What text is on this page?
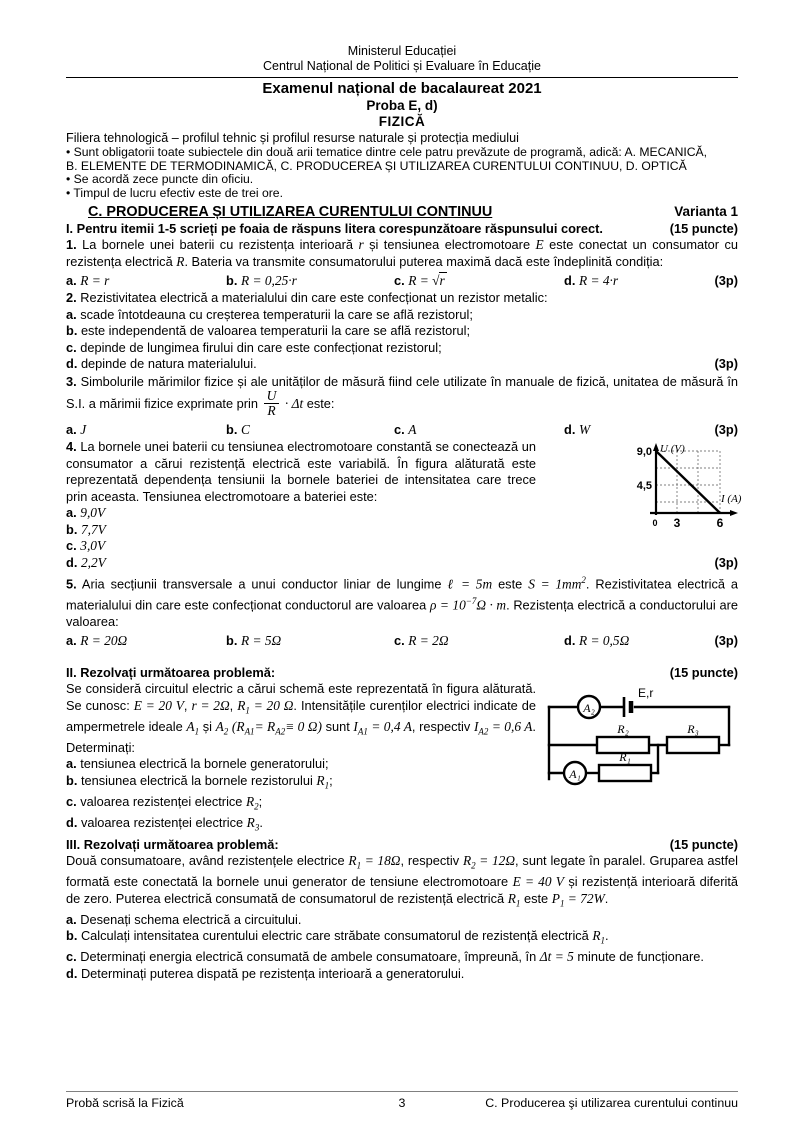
Ministerul Educației
Centrul Național de Politici și Evaluare în Educație
Examenul național de bacalaureat 2021
Proba E, d)
FIZICĂ
Filiera tehnologică – profilul tehnic și profilul resurse naturale și protecția mediului
• Sunt obligatorii toate subiectele din două arii tematice dintre cele patru prevăzute de programă, adică: A. MECANICĂ,
B. ELEMENTE DE TERMODINAMICĂ, C. PRODUCEREA ȘI UTILIZAREA CURENTULUI CONTINUU, D. OPTICĂ
• Se acordă zece puncte din oficiu.
• Timpul de lucru efectiv este de trei ore.
C. PRODUCEREA ȘI UTILIZAREA CURENTULUI CONTINUU	Varianta 1
I. Pentru itemii 1-5 scrieți pe foaia de răspuns litera corespunzătoare răspunsului corect.	(15 puncte)

1. La bornele unei baterii cu rezistența interioară r și tensiunea electromotoare E este conectat un consumator cu rezistența electrică R. Bateria va transmite consumatorului puterea maximă dacă este îndeplinită condiția:

a. R = r	b. R = 0,25·r	c. R = √r	d. R = 4·r	(3p)

2. Rezistivitatea electrică a materialului din care este confecționat un rezistor metalic:

a. scade întotdeauna cu creșterea temperaturii la care se află rezistorul;
b. este independentă de valoarea temperaturii la care se află rezistorul;
c. depinde de lungimea firului din care este confecționat rezistorul;
d. depinde de natura materialului.	(3p)

3. Simbolurile mărimilor fizice și ale unităților de măsură fiind cele utilizate în manuale de fizică, unitatea de măsură în S.I. a mărimii fizice exprimate prin $\frac{U}{R} \cdot \Delta t$ este:

a. J	b. C	c. A	d. W	(3p)

4. La bornele unei baterii cu tensiunea electromotoare constantă se conectează un consumator a cărui rezistență electrică este variabilă. În figura alăturată este reprezentată dependența tensiunii la bornele bateriei de intensitatea care trece prin aceasta. Tensiunea electromotoare a bateriei este:

a. 9,0V
b. 7,7V
c. 3,0V
d. 2,2V	(3p)
9,0
4,5
0 3	6
U (V)
I (A)

5. Aria secțiunii transversale a unui conductor liniar de lungime ℓ = 5m este $S = 1mm^2$. Rezistivitatea electrică a materialului din care este confecționat conductorul are valoarea $\rho = 10^{-7}\Omega \cdot m$. Rezistența electrică a conductorului are valoarea:

a. R = 20Ω	b. R = 5Ω	c. R = 2Ω	d. R = 0,5Ω	(3p)
II. Rezolvați următoarea problemă:	(15 puncte)

Se consideră circuitul electric a cărui schemă este reprezentată în figura alăturată. Se cunosc: E = 20 V, r = 2Ω, $R_1 = 20$ Ω. Intensitățile curenților electrici indicate de ampermetrele ideale $A_1$ și $A_2$ ($R_{A1}= R_{A2}\equiv 0$ Ω) sunt $I_{A1} = 0,4$ A, respectiv $I_{A2} = 0,6$ A. Determinați:

a. tensiunea electrică la bornele generatorului;
b. tensiunea electrică la bornele rezistorului $R_1$;
c. valoarea rezistenței electrice $R_2$;
d. valoarea rezistenței electrice $R_3$.
E,r
A₂
A₁
R₂	R₃
R₁
III. Rezolvați următoarea problemă:	(15 puncte)

Două consumatoare, având rezistențele electrice $R_1 = 18\Omega$, respectiv $R_2 = 12\Omega$, sunt legate în paralel. Gruparea astfel formată este conectată la bornele unui generator de tensiune electromotoare E = 40 V și rezistență interioară diferită de zero. Puterea electrică consumată de consumatorul de rezistență electrică $R_1$ este $P_1 = 72W$.

a. Desenați schema electrică a circuitului.
b. Calculați intensitatea curentului electric care străbate consumatorul de rezistență electrică $R_1$.
c. Determinați energia electrică consumată de ambele consumatoare, împreună, în Δt = 5 minute de funcționare.
d. Determinați puterea dispată pe rezistența interioară a generatorului.
Probă scrisă la Fizică	3	C. Producerea şi utilizarea curentului continuu
